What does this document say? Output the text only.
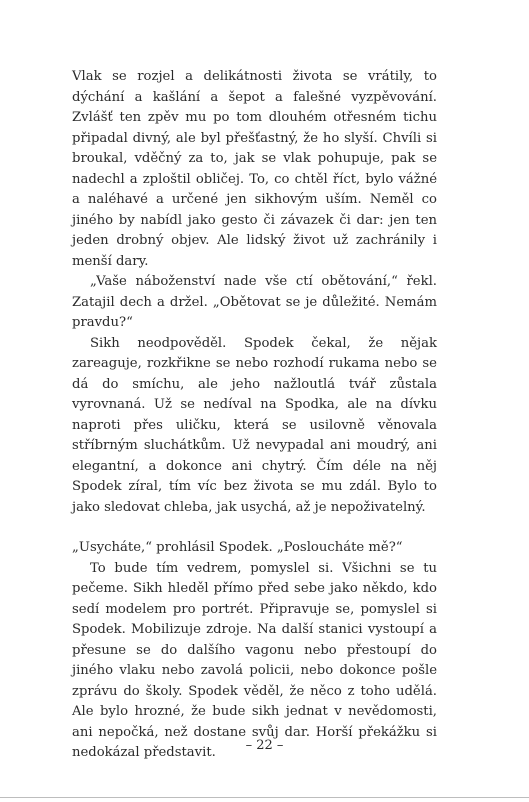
Vlak se rozjel a delikátnosti života se vrátily, to dýchání a kašlání a šepot a falešné vyzpěvování. Zvlášť ten zpěv mu po tom dlouhém otřesném tichu připadal divný, ale byl přešťastný, že ho slyší. Chvíli si broukal, vděčný za to, jak se vlak pohupuje, pak se nadechl a zploštil obličej. To, co chtěl říct, bylo vážné a naléhavé a určené jen sikhovým uším. Neměl co jiného by nabídl jako gesto či závazek či dar: jen ten jeden drobný objev. Ale lidský život už zachránily i menší dary.

„Vaše náboženství nade vše ctí obětování,“ řekl. Zatajil dech a držel. „Obětovat se je důležité. Nemám pravdu?“

Sikh neodpověděl. Spodek čekal, že nějak zareaguje, rozkřikne se nebo rozhodí rukama nebo se dá do smíchu, ale jeho nažloutlá tvář zůstala vyrovnaná. Už se nedíval na Spodka, ale na dívku naproti přes uličku, která se usilovně věnovala stříbrným sluchátkům. Už nevypadal ani moudrý, ani elegantní, a dokonce ani chytrý. Čím déle na něj Spodek zíral, tím víc bez života se mu zdál. Bylo to jako sledovat chleba, jak usychá, až je nepoživatelný.

„Usycháte,“ prohlásil Spodek. „Posloucháte mě?“

To bude tím vedrem, pomyslel si. Všichni se tu pečeme. Sikh hleděl přímo před sebe jako někdo, kdo sedí modelem pro portrét. Připravuje se, pomyslel si Spodek. Mobilizuje zdroje. Na další stanici vystoupí a přesune se do dalšího vagonu nebo přestoupí do jiného vlaku nebo zavolá policii, nebo dokonce pošle zprávu do školy. Spodek věděl, že něco z toho udělá. Ale bylo hrozné, že bude sikh jednat v nevědomosti, ani nepočká, než dostane svůj dar. Horší překážku si nedokázal představit.	– 22 –
